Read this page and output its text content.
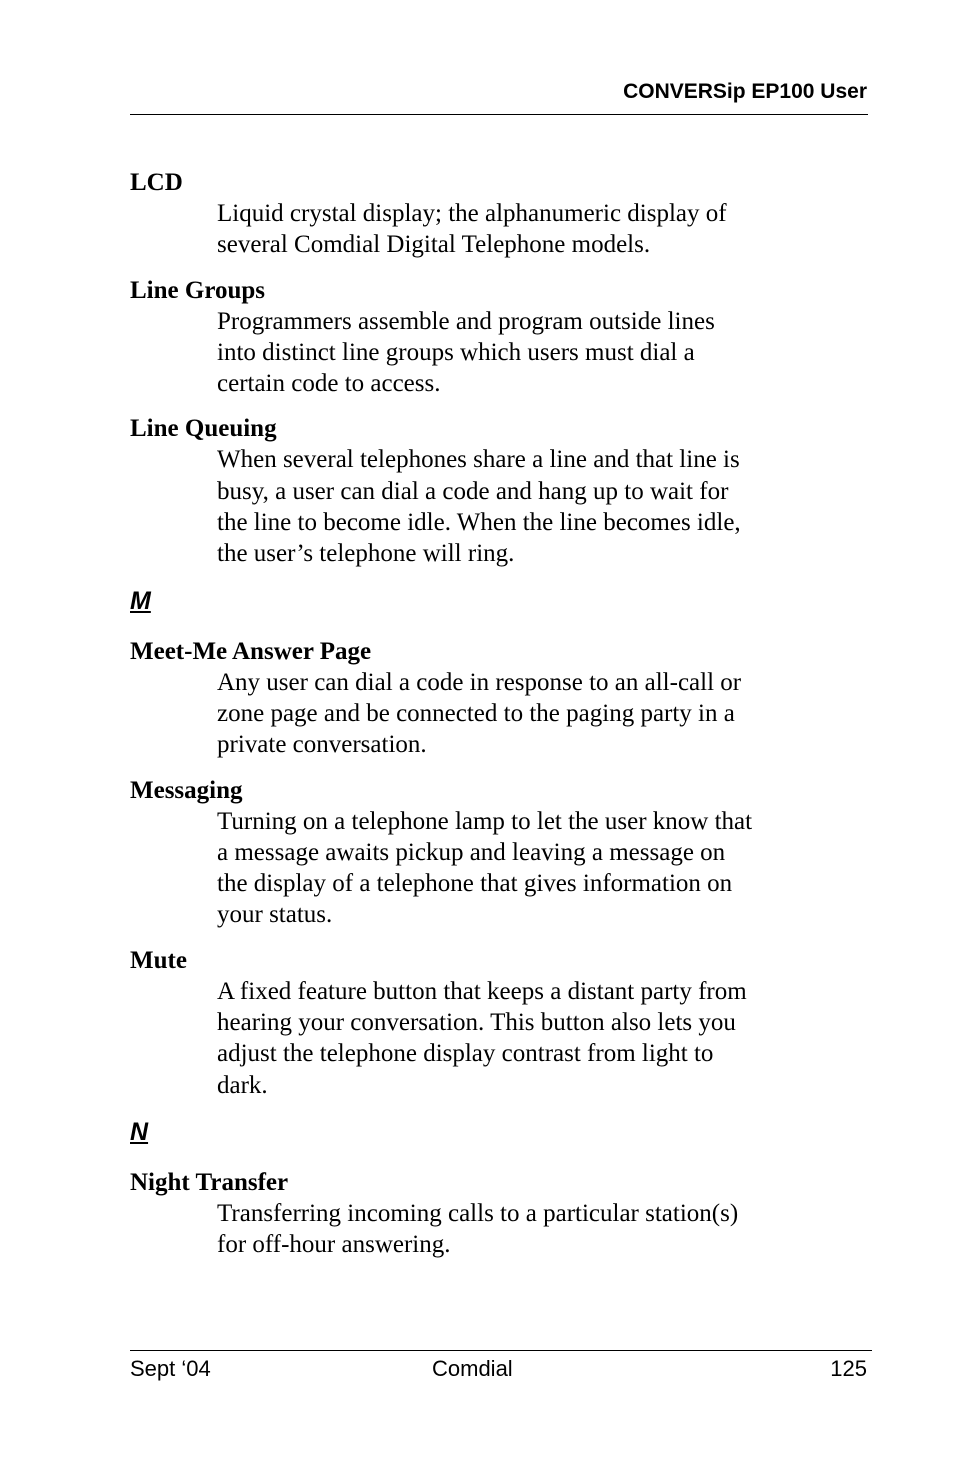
CONVERSip EP100 User
LCD
Liquid crystal display; the alphanumeric display of
several Comdial Digital Telephone models.
Line Groups
Programmers assemble and program outside lines
into distinct line groups which users must dial a
certain code to access.
Line Queuing
When several telephones share a line and that line is
busy, a user can dial a code and hang up to wait for
the line to become idle. When the line becomes idle,
the user’s telephone will ring.
M
Meet-Me Answer Page
Any user can dial a code in response to an all-call or
zone page and be connected to the paging party in a
private conversation.
Messaging
Turning on a telephone lamp to let the user know that
a message awaits pickup and leaving a message on
the display of a telephone that gives information on
your status.
Mute
A fixed feature button that keeps a distant party from
hearing your conversation. This button also lets you
adjust the telephone display contrast from light to
dark.
N
Night Transfer
Transferring incoming calls to a particular station(s)
for off-hour answering.
Sept ‘04	Comdial	125
